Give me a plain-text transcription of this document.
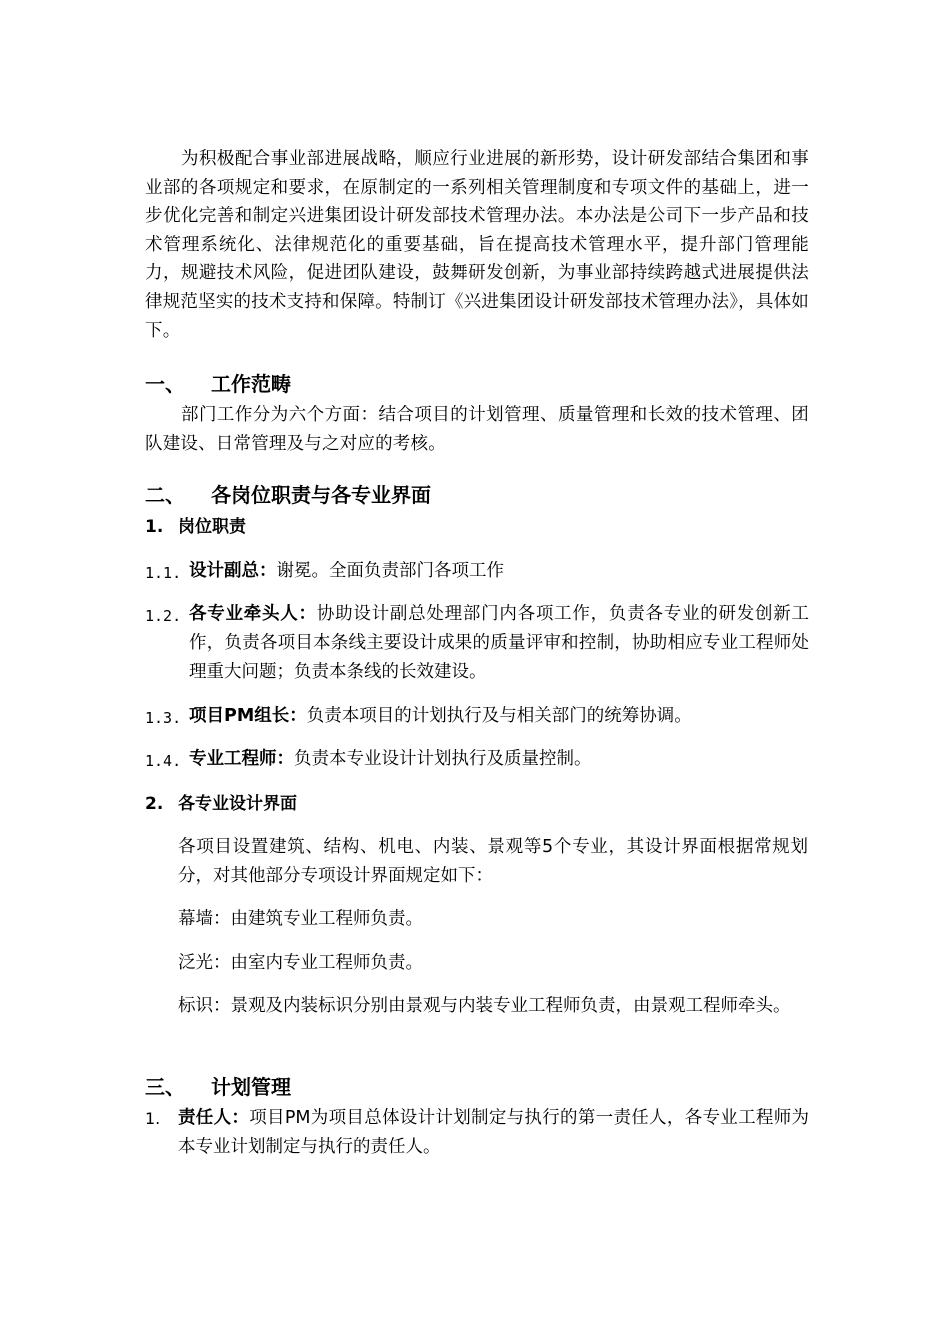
为积极配合事业部进展战略，顺应行业进展的新形势，设计研发部结合集团和事业部的各项规定和要求，在原制定的一系列相关管理制度和专项文件的基础上，进一步优化完善和制定兴进集团设计研发部技术管理办法。本办法是公司下一步产品和技术管理系统化、法律规范化的重要基础，旨在提高技术管理水平，提升部门管理能力，规避技术风险，促进团队建设，鼓舞研发创新，为事业部持续跨越式进展提供法律规范坚实的技术支持和保障。特制订《兴进集团设计研发部技术管理办法》，具体如下。

一、 工作范畴

部门工作分为六个方面：结合项目的计划管理、质量管理和长效的技术管理、团队建设、日常管理及与之对应的考核。

二、 各岗位职责与各专业界面
1. 岗位职责
1.1. 设计副总：谢冕。全面负责部门各项工作
1.2. 各专业牵头人：协助设计副总处理部门内各项工作，负责各专业的研发创新工作，负责各项目本条线主要设计成果的质量评审和控制，协助相应专业工程师处理重大问题；负责本条线的长效建设。
1.3. 项目PM组长：负责本项目的计划执行及与相关部门的统筹协调。
1.4. 专业工程师：负责本专业设计计划执行及质量控制。
2. 各专业设计界面

各项目设置建筑、结构、机电、内装、景观等5个专业，其设计界面根据常规划分，对其他部分专项设计界面规定如下：

幕墙：由建筑专业工程师负责。

泛光：由室内专业工程师负责。

标识：景观及内装标识分别由景观与内装专业工程师负责，由景观工程师牵头。

三、 计划管理
1. 责任人：项目PM为项目总体设计计划制定与执行的第一责任人，各专业工程师为本专业计划制定与执行的责任人。
